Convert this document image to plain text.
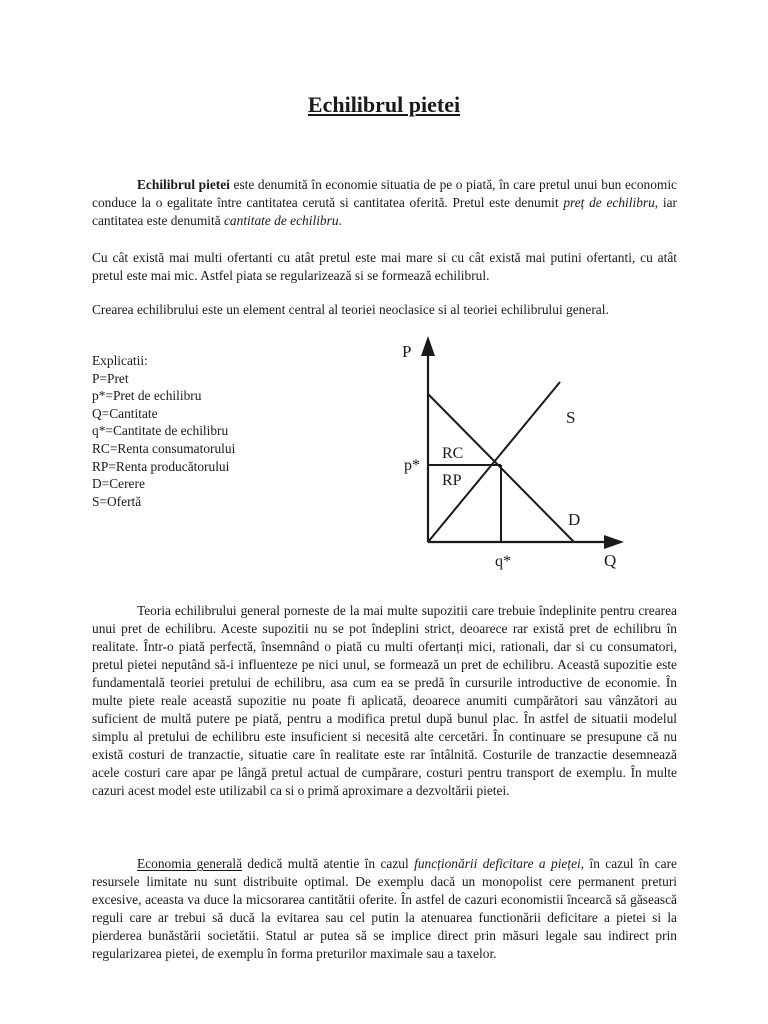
Echilibrul pietei

Echilibrul pietei este denumită în economie situatia de pe o piată, în care pretul unui bun economic conduce la o egalitate între cantitatea cerută si cantitatea oferită. Pretul este denumit preț de echilibru, iar cantitatea este denumită cantitate de echilibru.

Cu cât există mai multi ofertanti cu atât pretul este mai mare si cu cât există mai putini ofertanti, cu atât pretul este mai mic. Astfel piata se regularizează si se formează echilibrul.

Crearea echilibrului este un element central al teoriei neoclasice si al teoriei echilibrului general.

Explicatii:
P=Pret
p*=Pret de echilibru
Q=Cantitate
q*=Cantitate de echilibru
RC=Renta consumatorului
RP=Renta producătorului
D=Cerere
S=Ofertă
P
Q
p*
q*
S
D
RC
RP

Teoria echilibrului general porneste de la mai multe supozitii care trebuie îndeplinite pentru crearea unui pret de echilibru. Aceste supozitii nu se pot îndeplini strict, deoarece rar există pret de echilibru în realitate. Într-o piată perfectă, însemnând o piată cu multi ofertanți mici, rationali, dar si cu consumatori, pretul pietei neputând să-i influenteze pe nici unul, se formează un pret de echilibru. Această supozitie este fundamentală teoriei pretului de echilibru, asa cum ea se predă în cursurile introductive de economie. În multe piete reale această supozitie nu poate fi aplicată, deoarece anumiti cumpărători sau vânzători au suficient de multă putere pe piată, pentru a modifica pretul după bunul plac. În astfel de situatii modelul simplu al pretului de echilibru este insuficient si necesită alte cercetări. În continuare se presupune că nu există costuri de tranzactie, situatie care în realitate este rar întâlnită. Costurile de tranzactie desemnează acele costuri care apar pe lângă pretul actual de cumpărare, costuri pentru transport de exemplu. În multe cazuri acest model este utilizabil ca si o primă aproximare a dezvoltării pietei.

Economia generală dedică multă atentie în cazul funcționării deficitare a pieței, în cazul în care resursele limitate nu sunt distribuite optimal. De exemplu dacă un monopolist cere permanent preturi excesive, aceasta va duce la micsorarea cantitătii oferite. În astfel de cazuri economistii încearcă să găsească reguli care ar trebui să ducă la evitarea sau cel putin la atenuarea functionării deficitare a pietei si la pierderea bunăstării societătii. Statul ar putea să se implice direct prin măsuri legale sau indirect prin regularizarea pietei, de exemplu în forma preturilor maximale sau a taxelor.
